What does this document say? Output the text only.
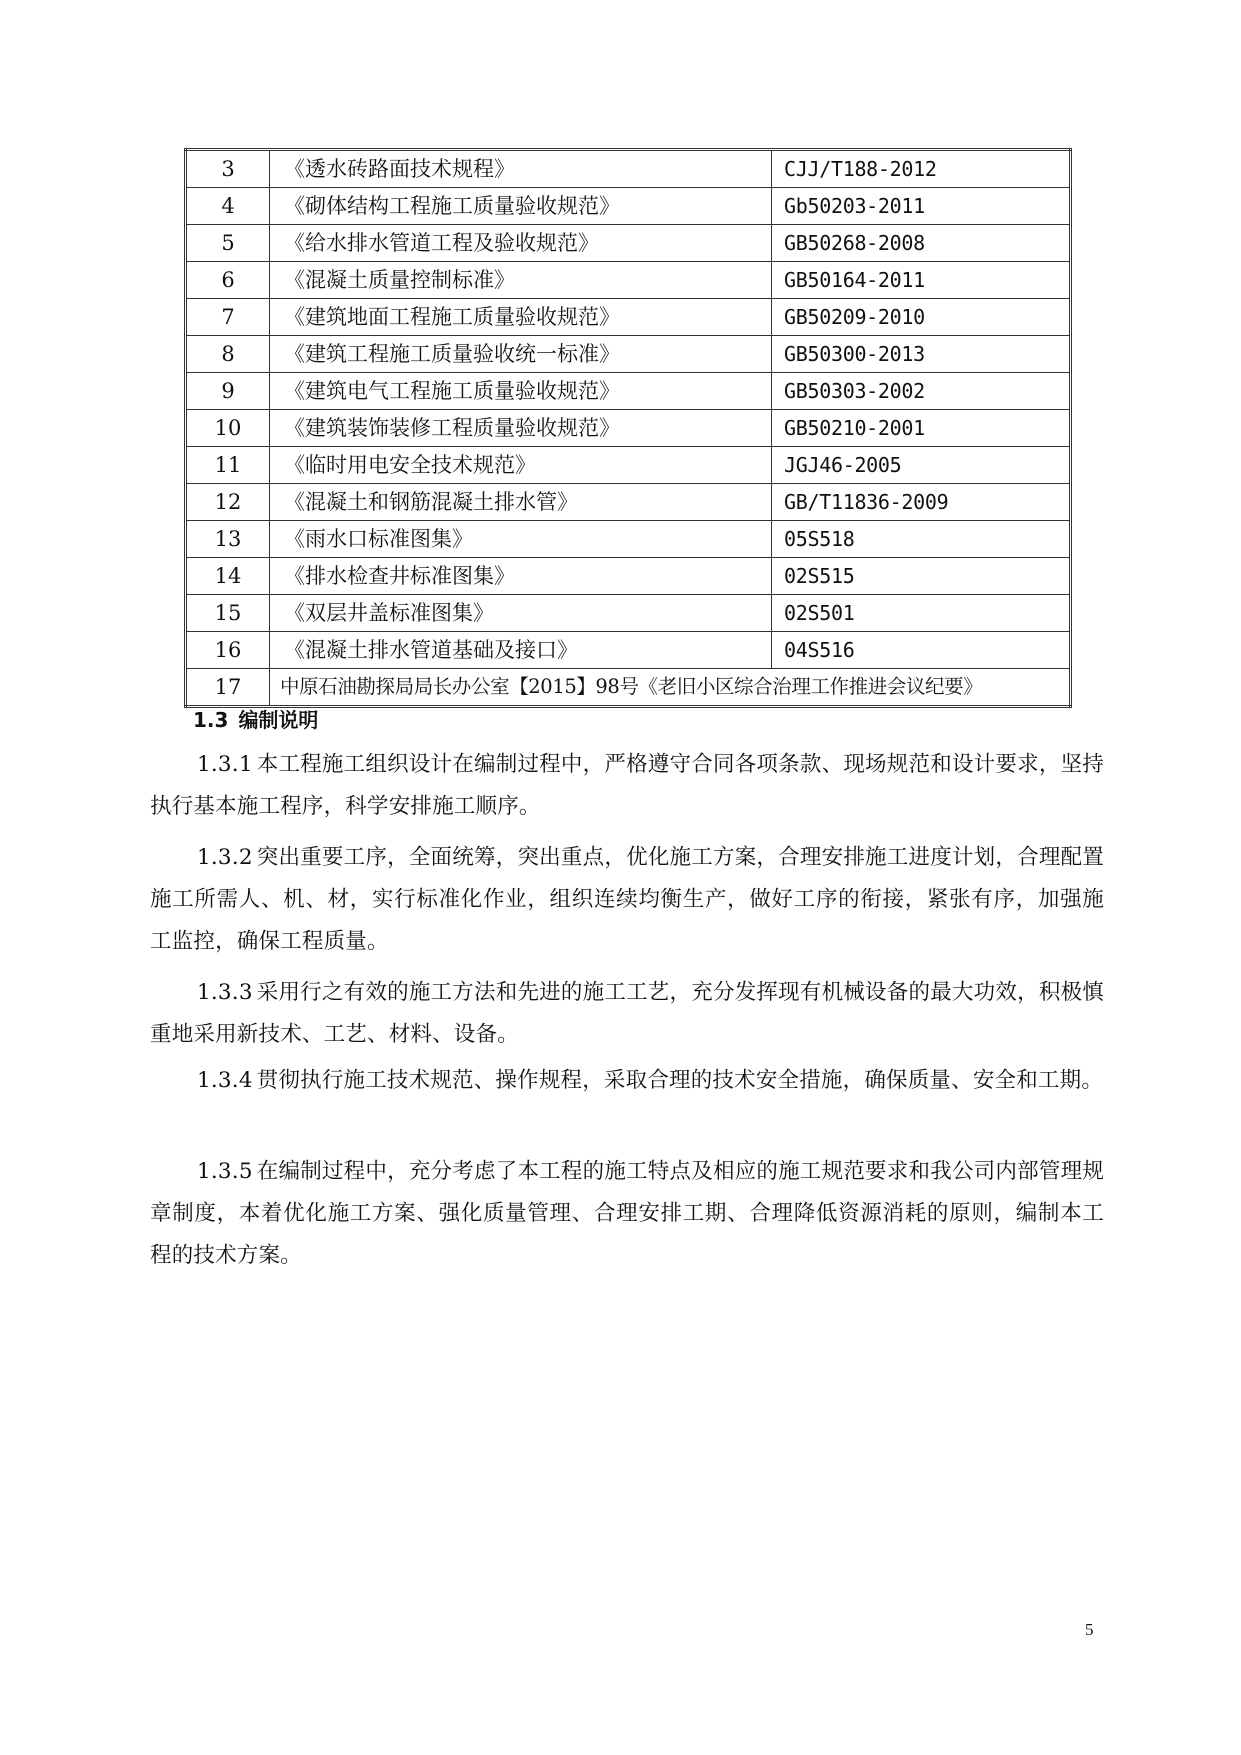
3	《透水砖路面技术规程》	CJJ/T188-2012
4	《砌体结构工程施工质量验收规范》	Gb50203-2011
5	《给水排水管道工程及验收规范》	GB50268-2008
6	《混凝土质量控制标准》	GB50164-2011
7	《建筑地面工程施工质量验收规范》	GB50209-2010
8	《建筑工程施工质量验收统一标准》	GB50300-2013
9	《建筑电气工程施工质量验收规范》	GB50303-2002
10	《建筑装饰装修工程质量验收规范》	GB50210-2001
11	《临时用电安全技术规范》	JGJ46-2005
12	《混凝土和钢筋混凝土排水管》	GB/T11836-2009
13	《雨水口标准图集》	05S518
14	《排水检查井标准图集》	02S515
15	《双层井盖标准图集》	02S501
16	《混凝土排水管道基础及接口》	04S516
17	中原石油勘探局局长办公室【2015】98号《老旧小区综合治理工作推进会议纪要》	
1.3 编制说明
1.3.1 本工程施工组织设计在编制过程中，严格遵守合同各项条款、现场规范和设计要求，坚持执行基本施工程序，科学安排施工顺序。
1.3.2 突出重要工序，全面统筹，突出重点，优化施工方案，合理安排施工进度计划，合理配置施工所需人、机、材，实行标准化作业，组织连续均衡生产，做好工序的衔接，紧张有序，加强施工监控，确保工程质量。
1.3.3 采用行之有效的施工方法和先进的施工工艺，充分发挥现有机械设备的最大功效，积极慎重地采用新技术、工艺、材料、设备。
1.3.4 贯彻执行施工技术规范、操作规程，采取合理的技术安全措施，确保质量、安全和工期。
1.3.5 在编制过程中，充分考虑了本工程的施工特点及相应的施工规范要求和我公司内部管理规章制度，本着优化施工方案、强化质量管理、合理安排工期、合理降低资源消耗的原则，编制本工程的技术方案。
5
